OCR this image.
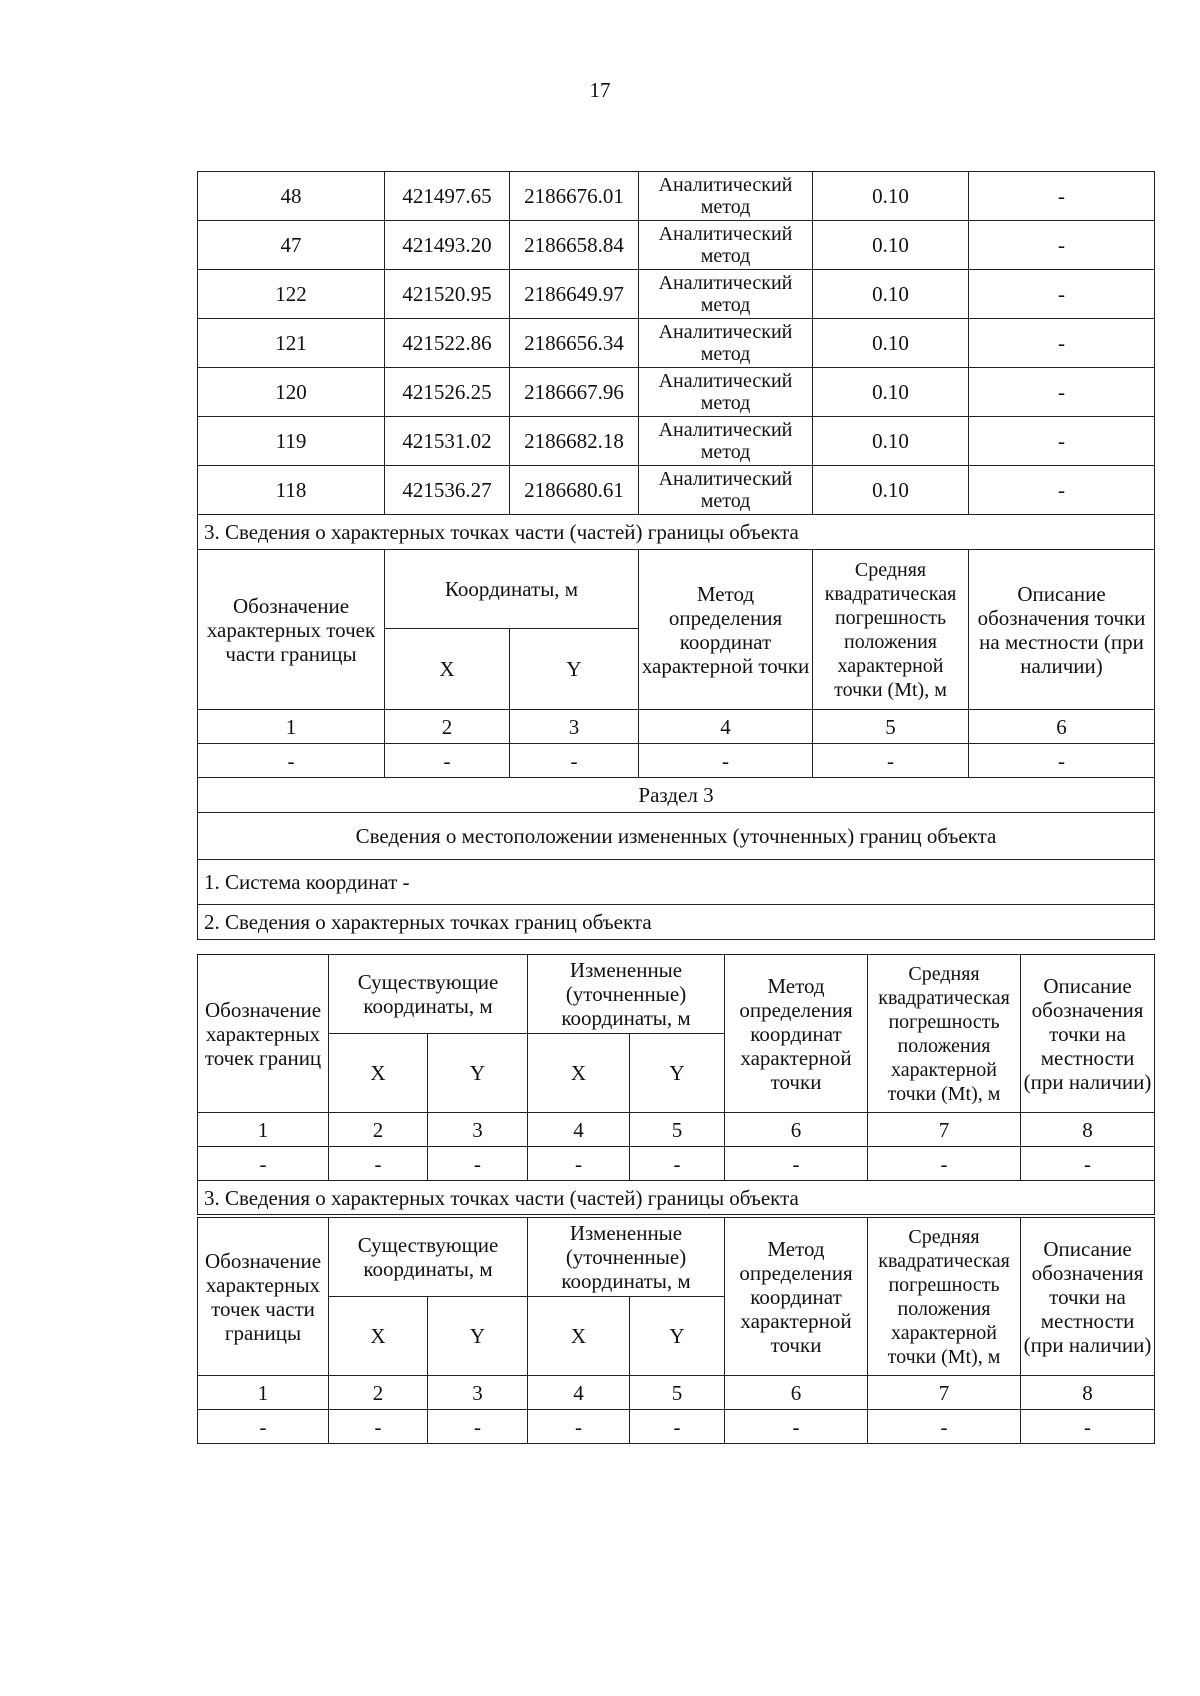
17
48	421497.65	2186676.01	Аналитический метод	0.10	-
47	421493.20	2186658.84	Аналитический метод	0.10	-
122	421520.95	2186649.97	Аналитический метод	0.10	-
121	421522.86	2186656.34	Аналитический метод	0.10	-
120	421526.25	2186667.96	Аналитический метод	0.10	-
119	421531.02	2186682.18	Аналитический метод	0.10	-
118	421536.27	2186680.61	Аналитический метод	0.10	-
3. Сведения о характерных точках части (частей) границы объекта					
Обозначение характерных точек части границы	Координаты, м		Метод определения координат характерной точки	Средняя квадратическая погрешность положения характерной точки (Mt), м	Описание обозначения точки на местности (при наличии)
	X	Y			
1	2	3	4	5	6
-	-	-	-	-	-
Раздел 3					
Сведения о местоположении измененных (уточненных) границ объекта					
1. Система координат -					
2. Сведения о характерных точках границ объекта					
Обозначение характерных точек границ	Существующие координаты, м		Измененные (уточненные) координаты, м		Метод определения координат характерной точки	Средняя квадратическая погрешность положения характерной точки (Mt), м	Описание обозначения точки на местности (при наличии)
	X	Y	X	Y			
1	2	3	4	5	6	7	8
-	-	-	-	-	-	-	-
3. Сведения о характерных точках части (частей) границы объекта							
Обозначение характерных точек части границы	Существующие координаты, м		Измененные (уточненные) координаты, м		Метод определения координат характерной точки	Средняя квадратическая погрешность положения характерной точки (Mt), м	Описание обозначения точки на местности (при наличии)
	X	Y	X	Y			
1	2	3	4	5	6	7	8
-	-	-	-	-	-	-	-
